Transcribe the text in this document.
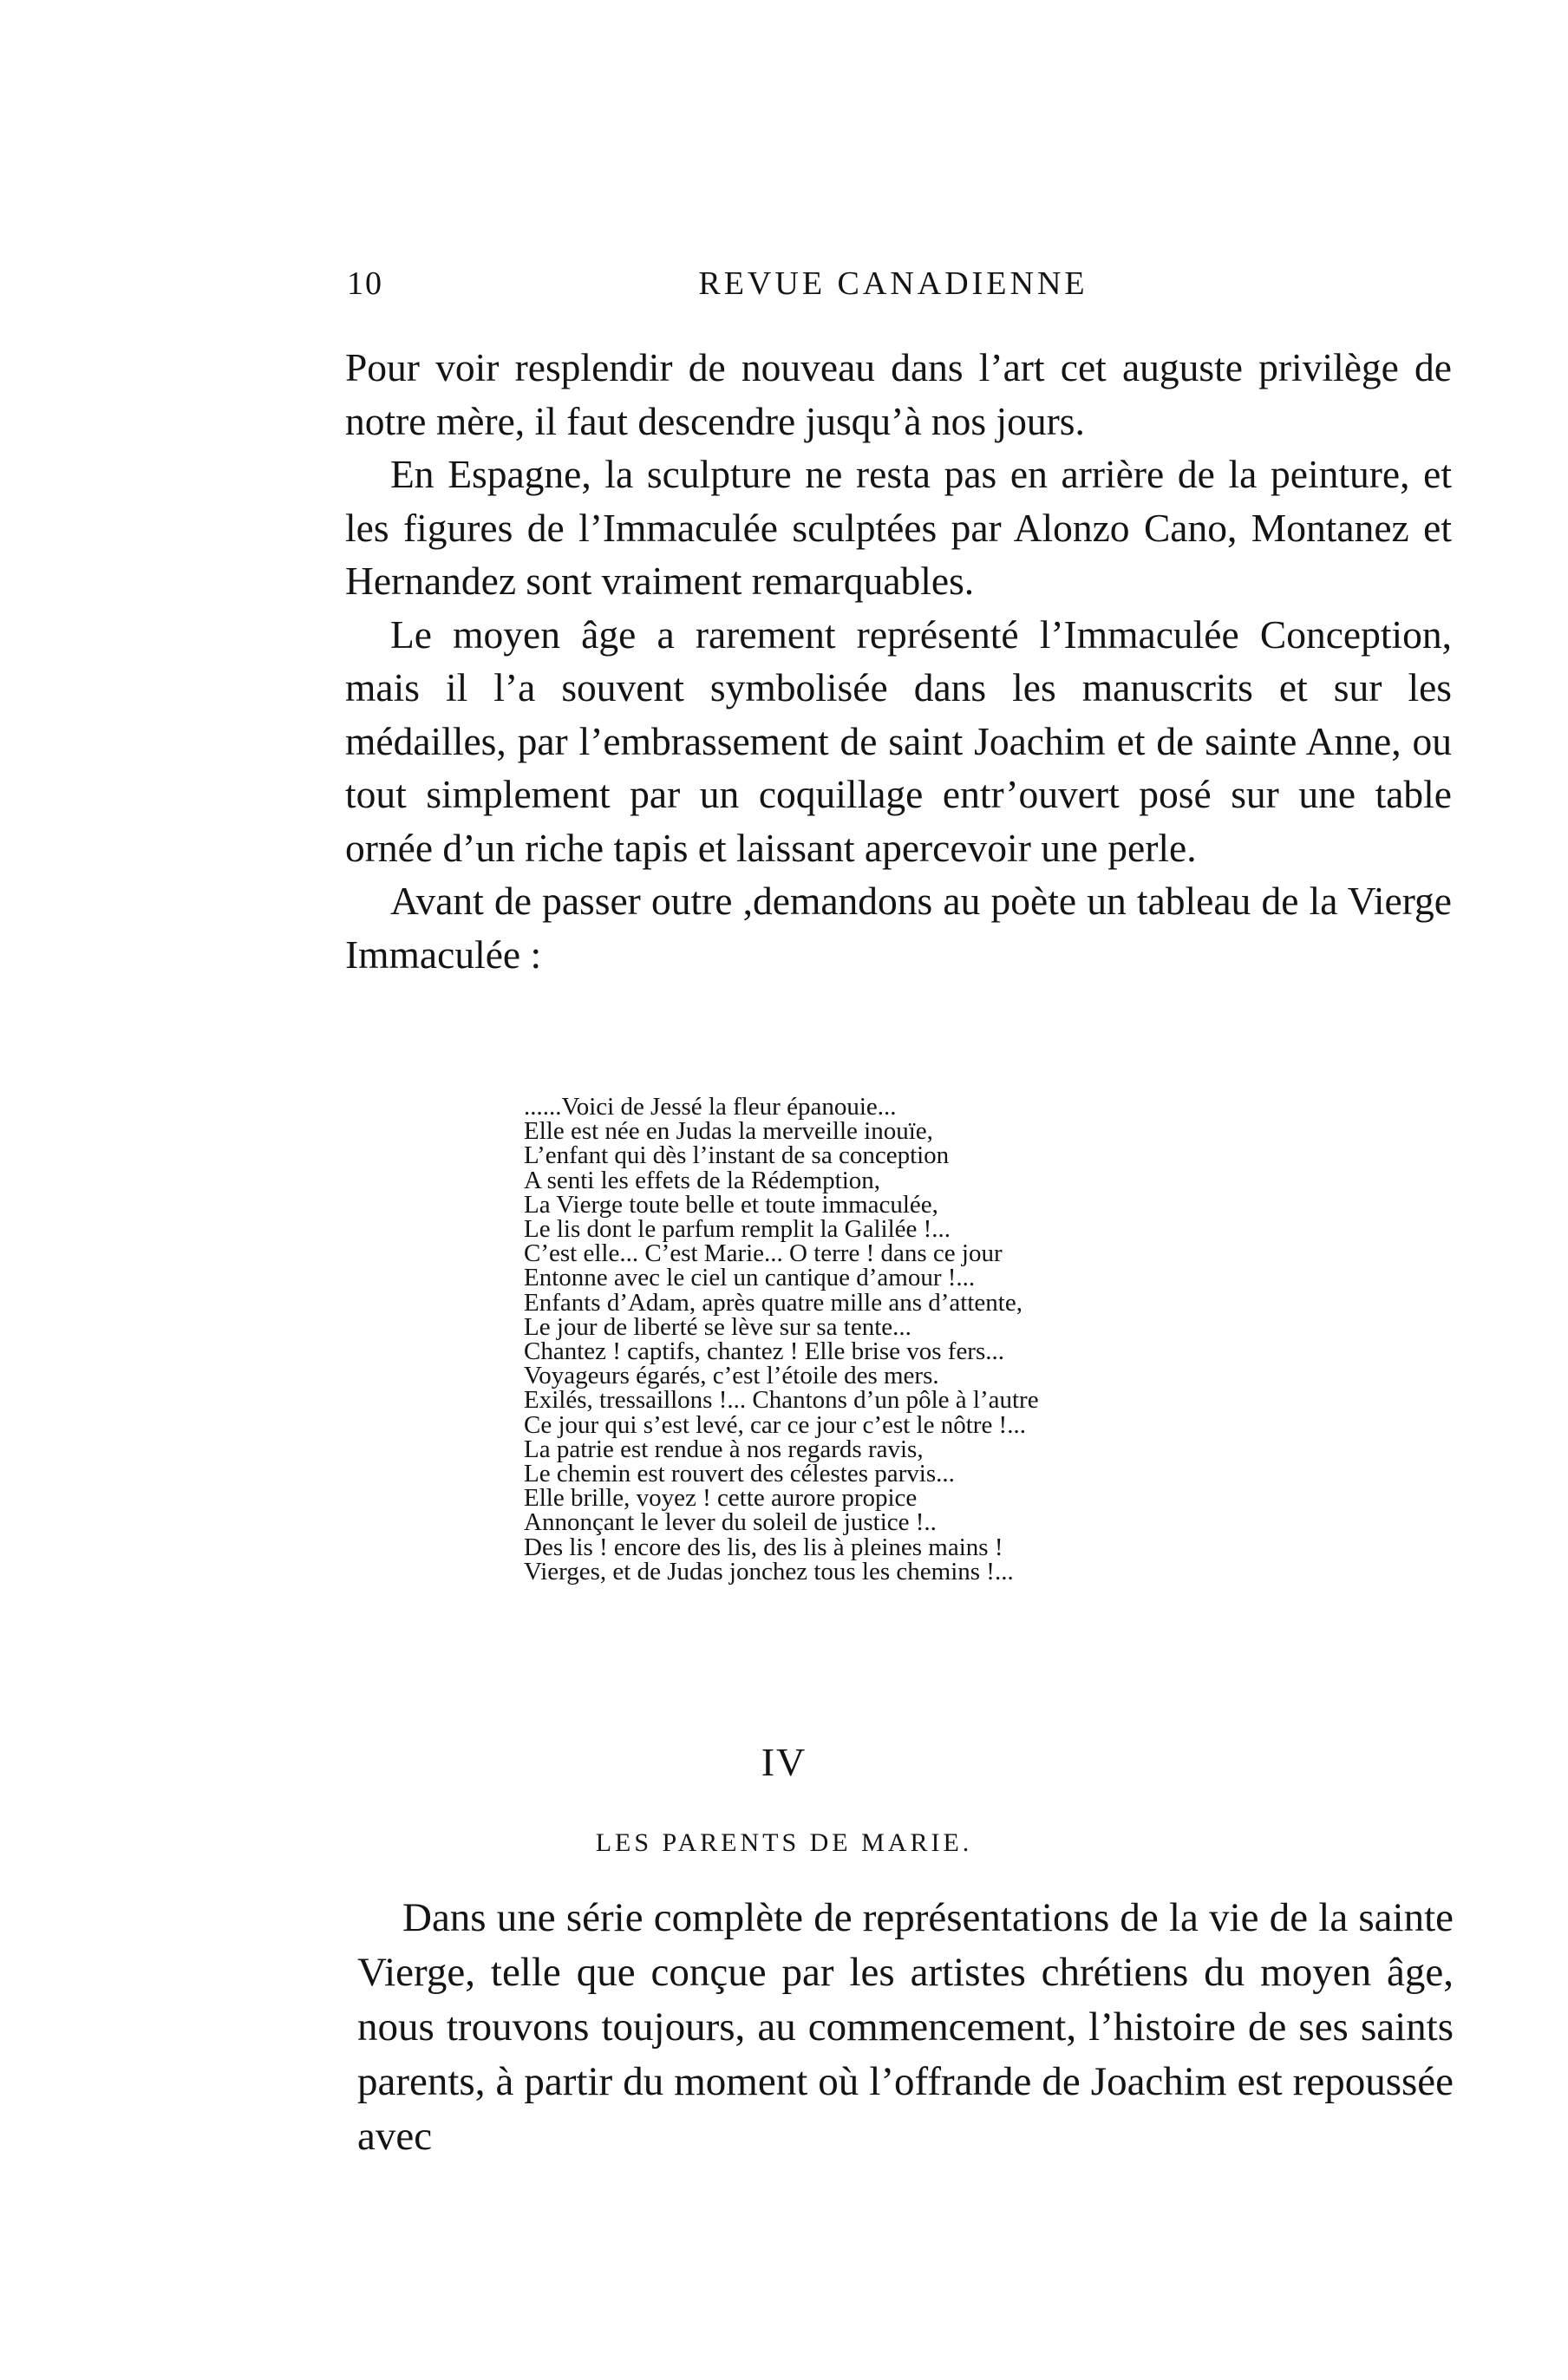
10	REVUE CANADIENNE

Pour voir resplendir de nouveau dans l’art cet auguste privilège de notre mère, il faut descendre jusqu’à nos jours.

En Espagne, la sculpture ne resta pas en arrière de la peinture, et les figures de l’Immaculée sculptées par Alonzo Cano, Montanez et Hernandez sont vraiment remarquables.

Le moyen âge a rarement représenté l’Immaculée Conception, mais il l’a souvent symbolisée dans les manuscrits et sur les médailles, par l’embrassement de saint Joachim et de sainte Anne, ou tout simplement par un coquillage entr’ouvert posé sur une table ornée d’un riche tapis et laissant apercevoir une perle.

Avant de passer outre ,demandons au poète un tableau de la Vierge Immaculée :

......Voici de Jessé la fleur épanouie...
Elle est née en Judas la merveille inouïe,
L’enfant qui dès l’instant de sa conception
A senti les effets de la Rédemption,
La Vierge toute belle et toute immaculée,
Le lis dont le parfum remplit la Galilée !...
C’est elle... C’est Marie... O terre ! dans ce jour
Entonne avec le ciel un cantique d’amour !...
Enfants d’Adam, après quatre mille ans d’attente,
Le jour de liberté se lève sur sa tente...
Chantez ! captifs, chantez ! Elle brise vos fers...
Voyageurs égarés, c’est l’étoile des mers.
Exilés, tressaillons !... Chantons d’un pôle à l’autre
Ce jour qui s’est levé, car ce jour c’est le nôtre !...
La patrie est rendue à nos regards ravis,
Le chemin est rouvert des célestes parvis...
Elle brille, voyez ! cette aurore propice
Annonçant le lever du soleil de justice !..
Des lis ! encore des lis, des lis à pleines mains !
Vierges, et de Judas jonchez tous les chemins !...
IV
LES PARENTS DE MARIE.

Dans une série complète de représentations de la vie de la sainte Vierge, telle que conçue par les artistes chrétiens du moyen âge, nous trouvons toujours, au commencement, l’histoire de ses saints parents, à partir du moment où l’offrande de Joachim est repoussée avec
